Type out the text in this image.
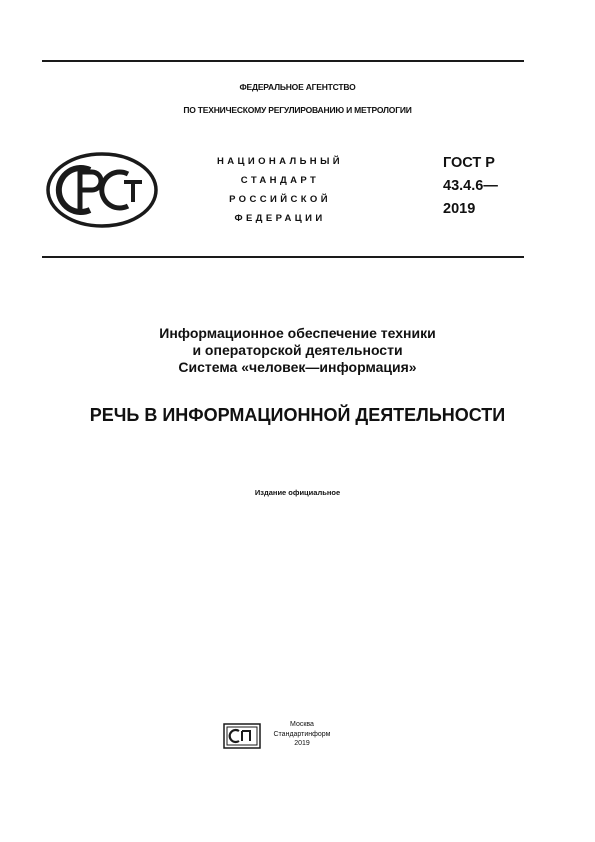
ФЕДЕРАЛЬНОЕ АГЕНТСТВО
ПО ТЕХНИЧЕСКОМУ РЕГУЛИРОВАНИЮ И МЕТРОЛОГИИ
НАЦИОНАЛЬНЫЙ
СТАНДАРТ
РОССИЙСКОЙ
ФЕДЕРАЦИИ
ГОСТ Р
43.4.6—
2019
Информационное обеспечение техники
и операторской деятельности
Система «человек—информация»
РЕЧЬ В ИНФОРМАЦИОННОЙ ДЕЯТЕЛЬНОСТИ
Издание официальное
Москва
Стандартинформ
2019
